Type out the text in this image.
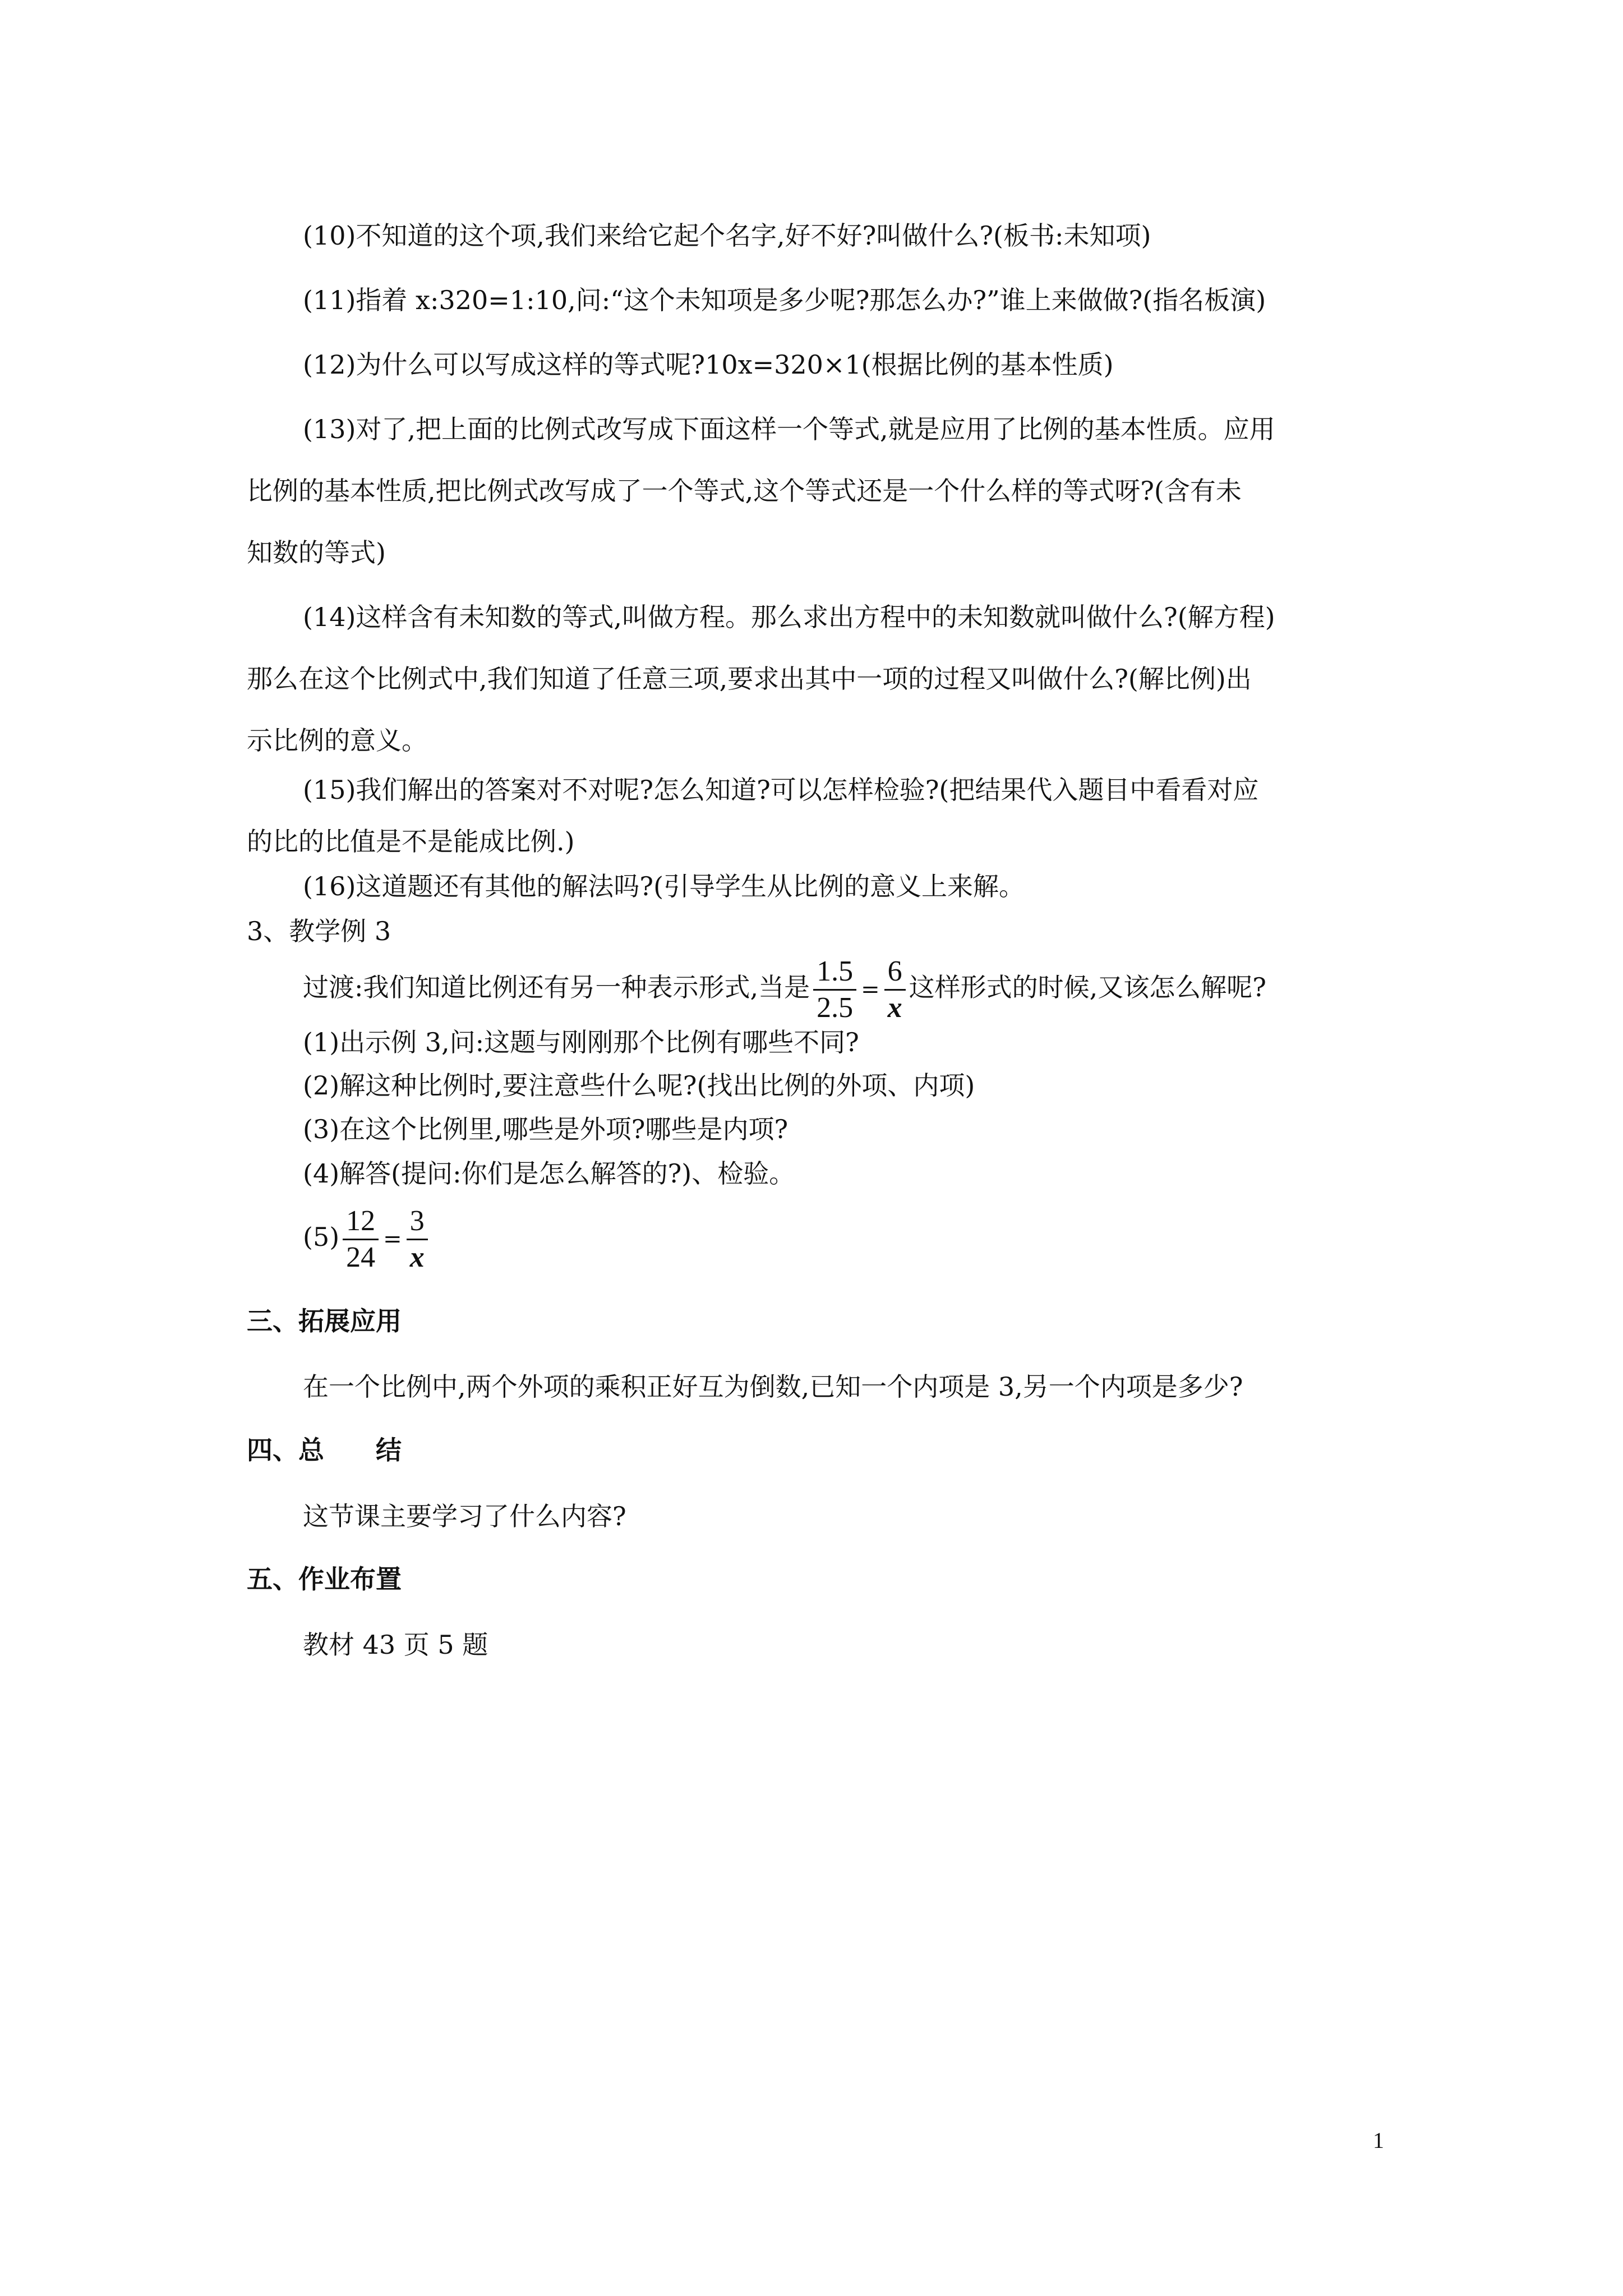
(10)不知道的这个项,我们来给它起个名字,好不好?叫做什么?(板书:未知项)
(11)指着 x:320=1:10,问:“这个未知项是多少呢?那怎么办?”谁上来做做?(指名板演)
(12)为什么可以写成这样的等式呢?10x=320×1(根据比例的基本性质)
(13)对了,把上面的比例式改写成下面这样一个等式,就是应用了比例的基本性质。应用
比例的基本性质,把比例式改写成了一个等式,这个等式还是一个什么样的等式呀?(含有未
知数的等式)
(14)这样含有未知数的等式,叫做方程。那么求出方程中的未知数就叫做什么?(解方程)
那么在这个比例式中,我们知道了任意三项,要求出其中一项的过程又叫做什么?(解比例)出
示比例的意义。
(15)我们解出的答案对不对呢?怎么知道?可以怎样检验?(把结果代入题目中看看对应
的比的比值是不是能成比例.)
(16)这道题还有其他的解法吗?(引导学生从比例的意义上来解。
3、教学例 3
过渡:我们知道比例还有另一种表示形式,当是 $\frac{1.5}{2.5} = \frac{6}{x}$ 这样形式的时候,又该怎么解呢?
(1)出示例 3,问:这题与刚刚那个比例有哪些不同?
(2)解这种比例时,要注意些什么呢?(找出比例的外项、内项)
(3)在这个比例里,哪些是外项?哪些是内项?
(4)解答(提问:你们是怎么解答的?)、检验。
$(5) \frac{12}{24} = \frac{3}{x}$
三、拓展应用
在一个比例中,两个外项的乘积正好互为倒数,已知一个内项是 3,另一个内项是多少?
四、总　　结
这节课主要学习了什么内容?
五、作业布置
教材 43 页 5 题
1
